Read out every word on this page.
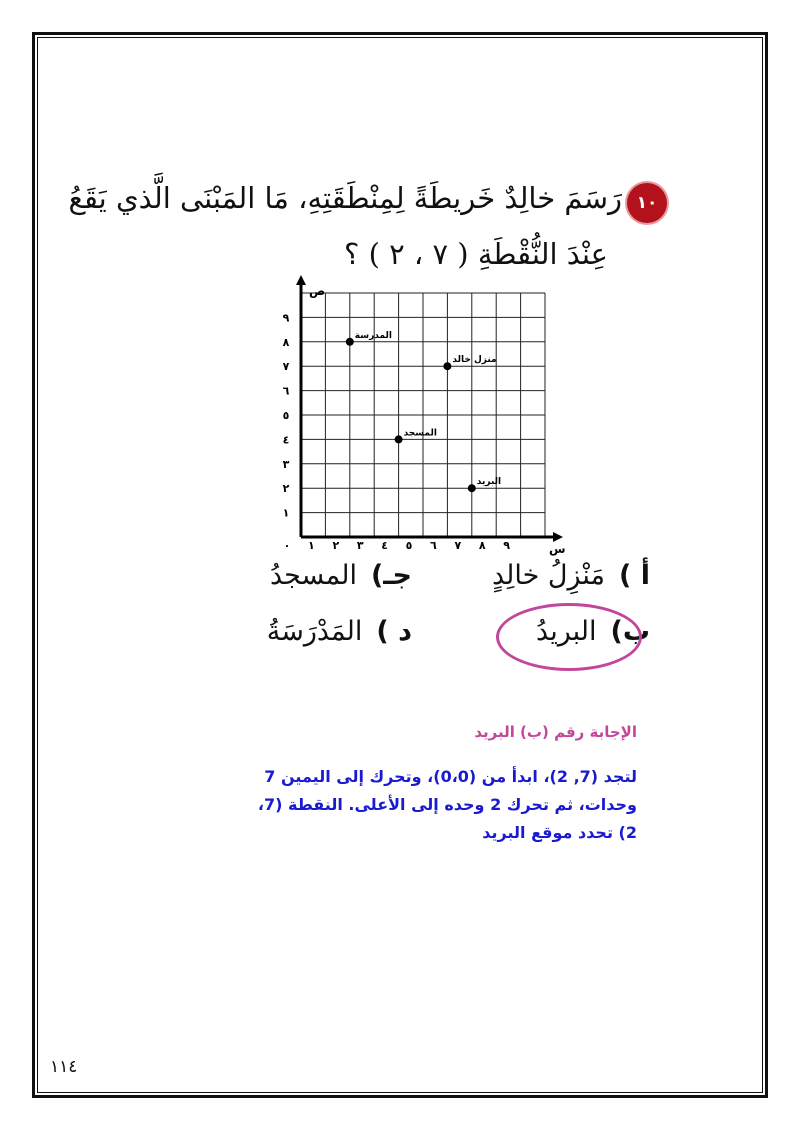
١٠
رَسَمَ خالِدٌ خَريطَةً لِمِنْطَقَتِهِ، مَا المَبْنَى الَّذي يَقَعُ
عِنْدَ النُّقْطَةِ ( ٧ ، ٢ ) ؟
٠ ١ ٢ ٣ ٤ ٥ ٦ ٧ ٨ ٩
١
٢
٣
٤
٥
٦
٧
٨
٩
المدرسة
منزل خالد
المسجد
البريد
س
ص
أ )مَنْزِلُ خالِدٍ
جـ)المسجدُ
ب)البريدُ
د )المَدْرَسَةُ
الإجابة رقم (ب) البريد
لتجد (7, 2)، ابدأ من (0،0)، وتحرك إلى اليمين 7 وحدات، ثم تحرك 2 وحده إلى الأعلى. النقطة (7، 2) تحدد موقع البريد
١١٤
